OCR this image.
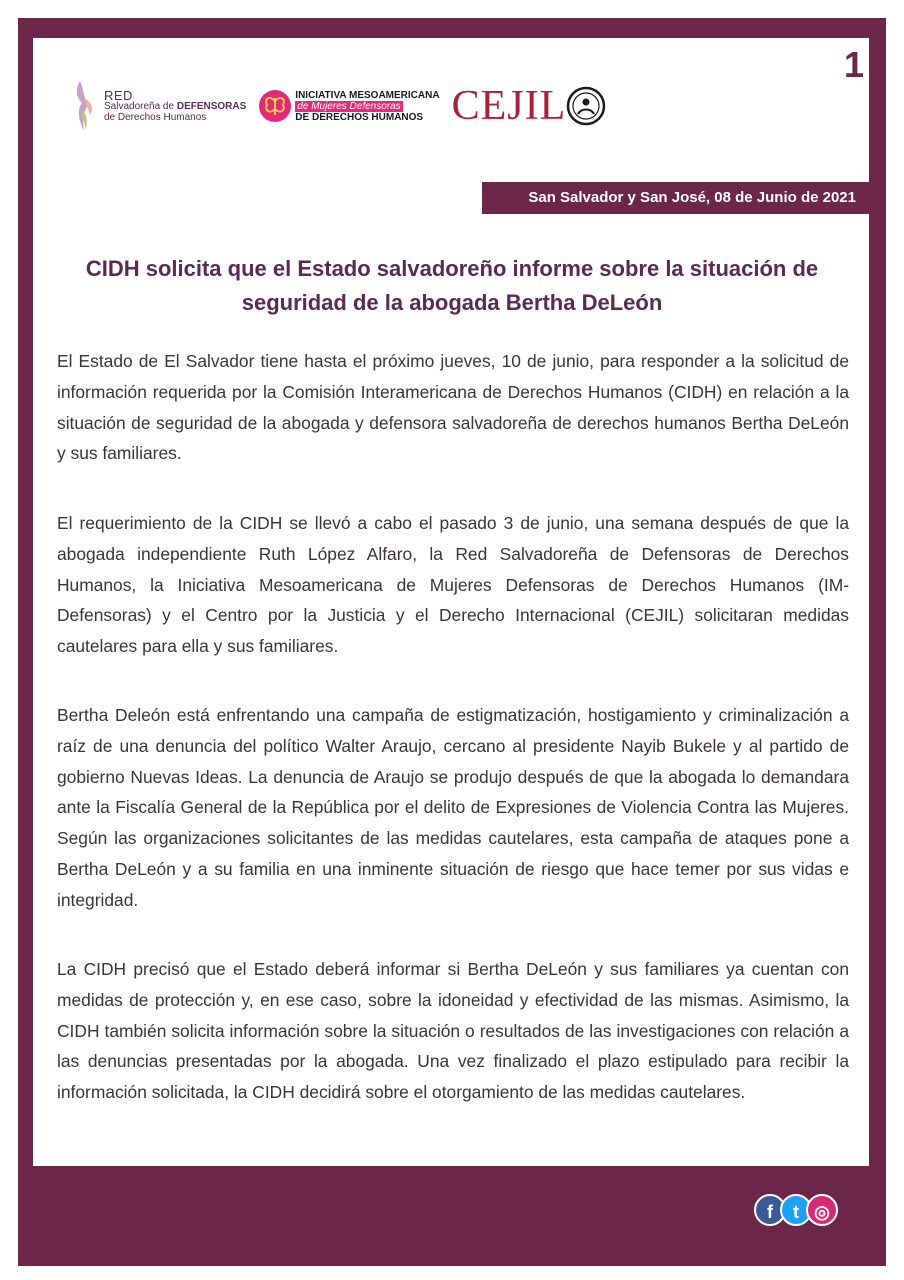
1
RED
Salvadoreña de DEFENSORAS
de Derechos Humanos
INICIATIVA MESOAMERICANA
de Mujeres Defensoras
DE DERECHOS HUMANOS CEJIL
San Salvador y San José, 08 de Junio de 2021
CIDH solicita que el Estado salvadoreño informe sobre la situación de seguridad de la abogada Bertha DeLeón

El Estado de El Salvador tiene hasta el próximo jueves, 10 de junio, para responder a la solicitud de información requerida por la Comisión Interamericana de Derechos Humanos (CIDH) en relación a la situación de seguridad de la abogada y defensora salvadoreña de derechos humanos Bertha DeLeón y sus familiares.

El requerimiento de la CIDH se llevó a cabo el pasado 3 de junio, una semana después de que la abogada independiente Ruth López Alfaro, la Red Salvadoreña de Defensoras de Derechos Humanos, la Iniciativa Mesoamericana de Mujeres Defensoras de Derechos Humanos (IM-Defensoras) y el Centro por la Justicia y el Derecho Internacional (CEJIL) solicitaran medidas cautelares para ella y sus familiares.

Bertha Deleón está enfrentando una campaña de estigmatización, hostigamiento y criminalización a raíz de una denuncia del político Walter Araujo, cercano al presidente Nayib Bukele y al partido de gobierno Nuevas Ideas. La denuncia de Araujo se produjo después de que la abogada lo demandara ante la Fiscalía General de la República por el delito de Expresiones de Violencia Contra las Mujeres. Según las organizaciones solicitantes de las medidas cautelares, esta campaña de ataques pone a Bertha DeLeón y a su familia en una inminente situación de riesgo que hace temer por sus vidas e integridad.

La CIDH precisó que el Estado deberá informar si Bertha DeLeón y sus familiares ya cuentan con medidas de protección y, en ese caso, sobre la idoneidad y efectividad de las mismas. Asimismo, la CIDH también solicita información sobre la situación o resultados de las investigaciones con relación a las denuncias presentadas por la abogada. Una vez finalizado el plazo estipulado para recibir la información solicitada, la CIDH decidirá sobre el otorgamiento de las medidas cautelares.

f	t ◎
